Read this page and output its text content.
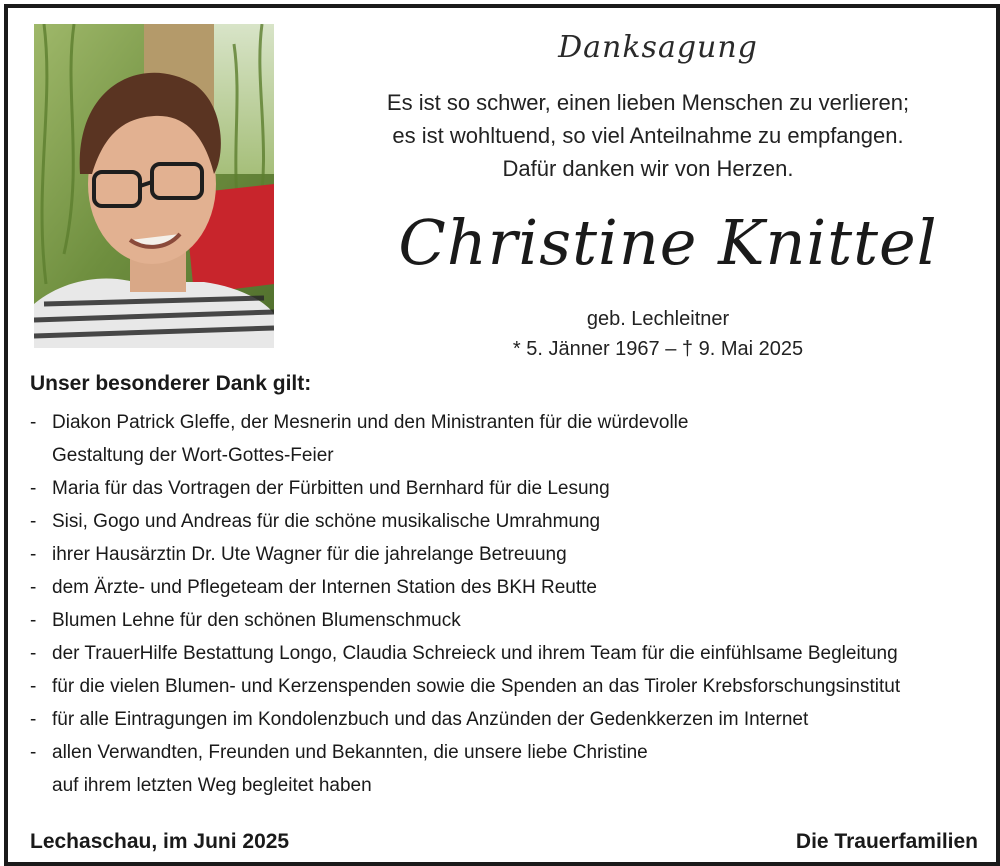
Danksagung
Es ist so schwer, einen lieben Menschen zu verlieren;
es ist wohltuend, so viel Anteilnahme zu empfangen.
Dafür danken wir von Herzen.
Christine Knittel
geb. Lechleitner
* 5. Jänner 1967 – † 9. Mai 2025
Unser besonderer Dank gilt:
- Diakon Patrick Gleffe, der Mesnerin und den Ministranten für die würdevolle
Gestaltung der Wort-Gottes-Feier
- Maria für das Vortragen der Fürbitten und Bernhard für die Lesung
- Sisi, Gogo und Andreas für die schöne musikalische Umrahmung
- ihrer Hausärztin Dr. Ute Wagner für die jahrelange Betreuung
- dem Ärzte- und Pflegeteam der Internen Station des BKH Reutte
- Blumen Lehne für den schönen Blumenschmuck
- der TrauerHilfe Bestattung Longo, Claudia Schreieck und ihrem Team für die einfühlsame Begleitung
- für die vielen Blumen- und Kerzenspenden sowie die Spenden an das Tiroler Krebsforschungsinstitut
- für alle Eintragungen im Kondolenzbuch und das Anzünden der Gedenkkerzen im Internet
- allen Verwandten, Freunden und Bekannten, die unsere liebe Christine
auf ihrem letzten Weg begleitet haben
Lechaschau, im Juni 2025	Die Trauerfamilien
